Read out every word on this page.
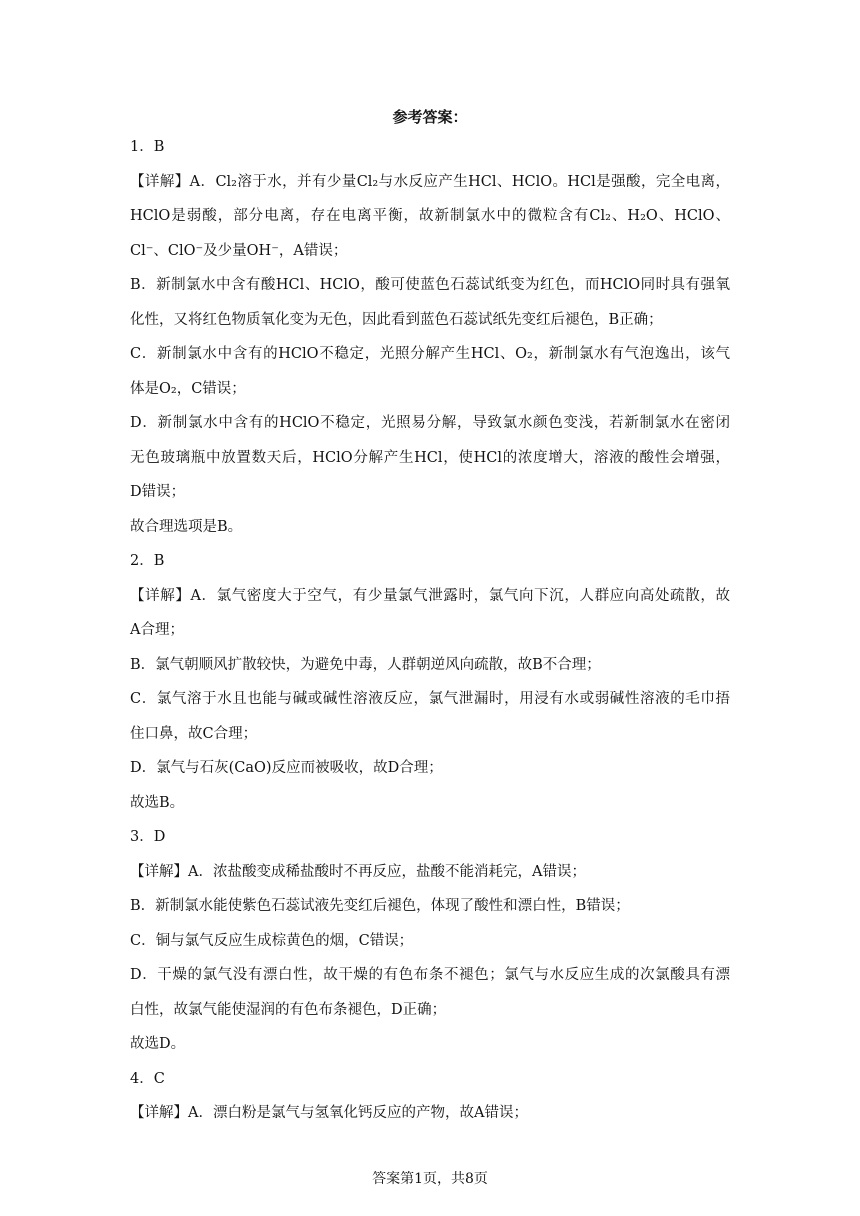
参考答案：
1．B
【详解】A．Cl₂溶于水，并有少量Cl₂与水反应产生HCl、HClO。HCl是强酸，完全电离，
HClO是弱酸，部分电离，存在电离平衡，故新制氯水中的微粒含有Cl₂、H₂O、HClO、
Cl⁻、ClO⁻及少量OH⁻，A错误；
B．新制氯水中含有酸HCl、HClO，酸可使蓝色石蕊试纸变为红色，而HClO同时具有强氧
化性，又将红色物质氧化变为无色，因此看到蓝色石蕊试纸先变红后褪色，B正确；
C．新制氯水中含有的HClO不稳定，光照分解产生HCl、O₂，新制氯水有气泡逸出，该气
体是O₂，C错误；
D．新制氯水中含有的HClO不稳定，光照易分解，导致氯水颜色变浅，若新制氯水在密闭
无色玻璃瓶中放置数天后，HClO分解产生HCl，使HCl的浓度增大，溶液的酸性会增强，
D错误；
故合理选项是B。
2．B
【详解】A．氯气密度大于空气，有少量氯气泄露时，氯气向下沉，人群应向高处疏散，故
A合理；
B．氯气朝顺风扩散较快，为避免中毒，人群朝逆风向疏散，故B不合理；
C．氯气溶于水且也能与碱或碱性溶液反应，氯气泄漏时，用浸有水或弱碱性溶液的毛巾捂
住口鼻，故C合理；
D．氯气与石灰(CaO)反应而被吸收，故D合理；
故选B。
3．D
【详解】A．浓盐酸变成稀盐酸时不再反应，盐酸不能消耗完，A错误；
B．新制氯水能使紫色石蕊试液先变红后褪色，体现了酸性和漂白性，B错误；
C．铜与氯气反应生成棕黄色的烟，C错误；
D．干燥的氯气没有漂白性，故干燥的有色布条不褪色；氯气与水反应生成的次氯酸具有漂
白性，故氯气能使湿润的有色布条褪色，D正确；
故选D。
4．C
【详解】A．漂白粉是氯气与氢氧化钙反应的产物，故A错误；
答案第1页，共8页
